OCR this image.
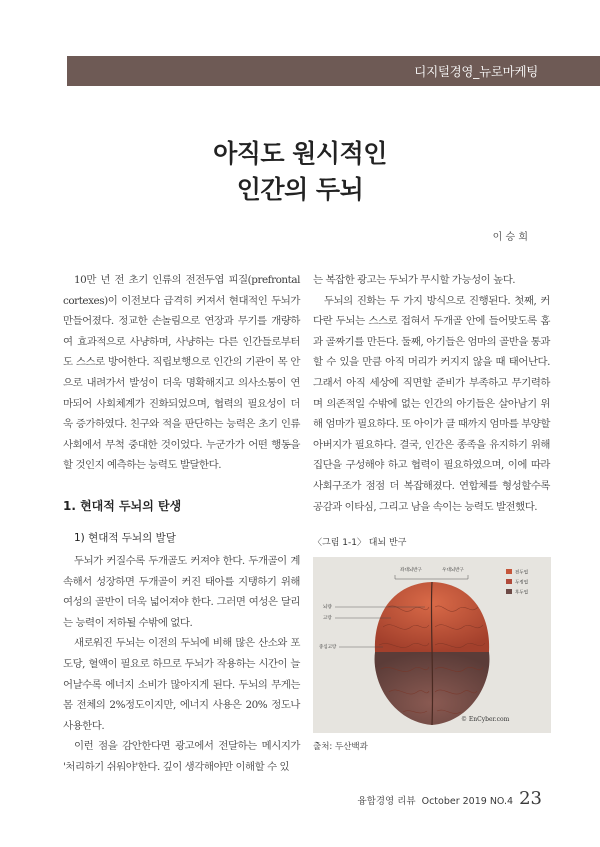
디지털경영_뉴로마케팅
아직도 원시적인
인간의 두뇌
이 승 희

10만 년 전 초기 인류의 전전두엽 피질(prefrontal cortexes)이 이전보다 급격히 커져서 현대적인 두뇌가 만들어졌다. 정교한 손놀림으로 연장과 무기를 개량하여 효과적으로 사냥하며, 사냥하는 다른 인간들로부터도 스스로 방어한다. 직립보행으로 인간의 기관이 목 안으로 내려가서 발성이 더욱 명확해지고 의사소통이 연마되어 사회체계가 진화되었으며, 협력의 필요성이 더욱 증가하였다. 친구와 적을 판단하는 능력은 초기 인류 사회에서 무척 중대한 것이었다. 누군가가 어떤 행동을 할 것인지 예측하는 능력도 발달한다.

1. 현대적 두뇌의 탄생
1) 현대적 두뇌의 발달

두뇌가 커질수록 두개골도 커져야 한다. 두개골이 계속해서 성장하면 두개골이 커진 태아를 지탱하기 위해 여성의 골반이 더욱 넓어져야 한다. 그러면 여성은 달리는 능력이 저하될 수밖에 없다.

새로워진 두뇌는 이전의 두뇌에 비해 많은 산소와 포도당, 혈액이 필요로 하므로 두뇌가 작용하는 시간이 늘어날수록 에너지 소비가 많아지게 된다. 두뇌의 무게는 몸 전체의 2%정도이지만, 에너지 사용은 20% 정도나 사용한다.

이런 점을 감안한다면 광고에서 전달하는 메시지가 '처리하기 쉬워야'한다. 깊이 생각해야만 이해할 수 있

는 복잡한 광고는 두뇌가 무시할 가능성이 높다.

두뇌의 진화는 두 가지 방식으로 진행된다. 첫째, 커다란 두뇌는 스스로 접혀서 두개골 안에 들어맞도록 홈과 골짜기를 만든다. 둘째, 아기들은 엄마의 골반을 통과할 수 있을 만큼 아직 머리가 커지지 않을 때 태어난다. 그래서 아직 세상에 직면할 준비가 부족하고 무기력하며 의존적일 수밖에 없는 인간의 아기들은 살아남기 위해 엄마가 필요하다. 또 아이가 클 때까지 엄마를 부양할 아버지가 필요하다. 결국, 인간은 종족을 유지하기 위해 집단을 구성해야 하고 협력이 필요하였으며, 이에 따라 사회구조가 점점 더 복잡해졌다. 연합체를 형성할수록 공감과 이타심, 그리고 남을 속이는 능력도 발전했다.

〈그림 1-1〉 대뇌 반구
좌대뇌반구	우대뇌반구
뇌량
고랑
중심고랑
전두엽
두정엽
후두엽
© EnCyber.com
출처: 두산백과
융합경영 리뷰 October 2019 NO.4 23
